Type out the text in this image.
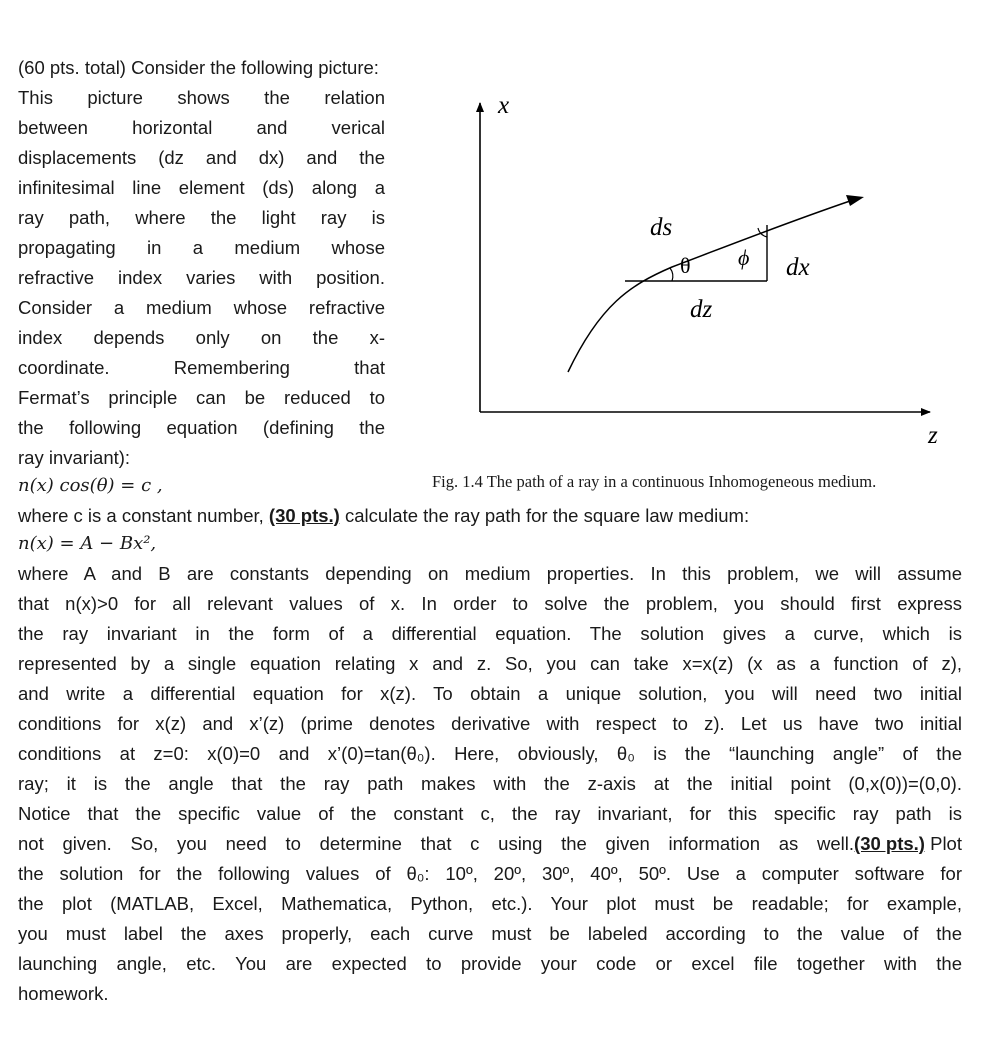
(60 pts. total) Consider the following picture:
This picture shows the relation
between horizontal and verical
displacements (dz and dx) and the
infinitesimal line element (ds) along a
ray path, where the light ray is
propagating in a medium whose
refractive index varies with position.
Consider a medium whose refractive
index depends only on the x-
coordinate. Remembering that
Fermat’s principle can be reduced to
the following equation (defining the
ray invariant):
n(x) cos(θ) = c ,
x
z
ds
dx
dz
θ ϕ
Fig. 1.4 The path of a ray in a continuous Inhomogeneous medium.
where c is a constant number, (30 pts.) calculate the ray path for the square law medium:
n(x) = A − Bx²,
where A and B are constants depending on medium properties. In this problem, we will assume
that n(x)>0 for all relevant values of x. In order to solve the problem, you should first express
the ray invariant in the form of a differential equation. The solution gives a curve, which is
represented by a single equation relating x and z. So, you can take x=x(z) (x as a function of z),
and write a differential equation for x(z). To obtain a unique solution, you will need two initial
conditions for x(z) and x’(z) (prime denotes derivative with respect to z). Let us have two initial
conditions at z=0: x(0)=0 and x’(0)=tan(θ₀). Here, obviously, θ₀ is the “launching angle” of the
ray; it is the angle that the ray path makes with the z-axis at the initial point (0,x(0))=(0,0).
Notice that the specific value of the constant c, the ray invariant, for this specific ray path is
not given. So, you need to determine that c using the given information as well. (30 pts.) Plot
the solution for the following values of θ₀: 10º, 20º, 30º, 40º, 50º. Use a computer software for
the plot (MATLAB, Excel, Mathematica, Python, etc.). Your plot must be readable; for example,
you must label the axes properly, each curve must be labeled according to the value of the
launching angle, etc. You are expected to provide your code or excel file together with the
homework.
